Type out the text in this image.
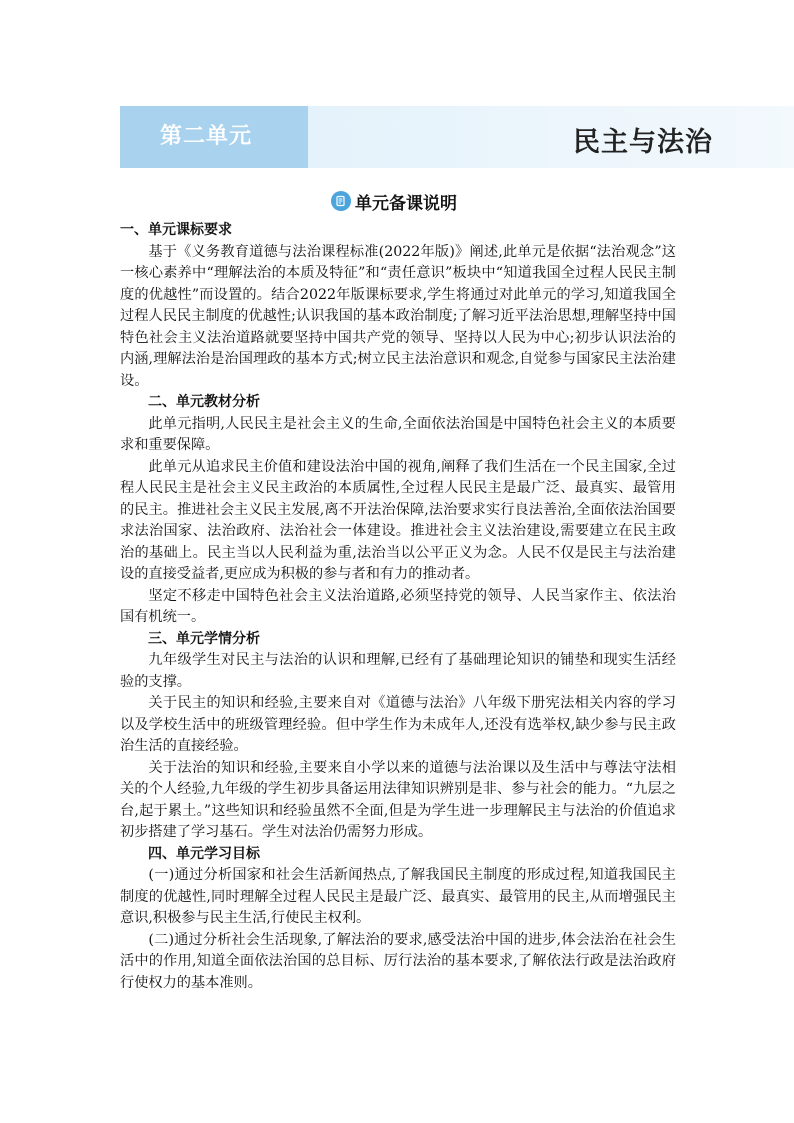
第二单元	民主与法治
单元备课说明

一、单元课标要求

基于《义务教育道德与法治课程标准(2022年版)》阐述,此单元是依据“法治观念”这一核心素养中“理解法治的本质及特征”和“责任意识”板块中“知道我国全过程人民民主制度的优越性”而设置的。结合2022年版课标要求,学生将通过对此单元的学习,知道我国全过程人民民主制度的优越性;认识我国的基本政治制度;了解习近平法治思想,理解坚持中国特色社会主义法治道路就要坚持中国共产党的领导、坚持以人民为中心;初步认识法治的内涵,理解法治是治国理政的基本方式;树立民主法治意识和观念,自觉参与国家民主法治建设。

二、单元教材分析

此单元指明,人民民主是社会主义的生命,全面依法治国是中国特色社会主义的本质要求和重要保障。

此单元从追求民主价值和建设法治中国的视角,阐释了我们生活在一个民主国家,全过程人民民主是社会主义民主政治的本质属性,全过程人民民主是最广泛、最真实、最管用的民主。推进社会主义民主发展,离不开法治保障,法治要求实行良法善治,全面依法治国要求法治国家、法治政府、法治社会一体建设。推进社会主义法治建设,需要建立在民主政治的基础上。民主当以人民利益为重,法治当以公平正义为念。人民不仅是民主与法治建设的直接受益者,更应成为积极的参与者和有力的推动者。

坚定不移走中国特色社会主义法治道路,必须坚持党的领导、人民当家作主、依法治国有机统一。

三、单元学情分析

九年级学生对民主与法治的认识和理解,已经有了基础理论知识的铺垫和现实生活经验的支撑。

关于民主的知识和经验,主要来自对《道德与法治》八年级下册宪法相关内容的学习以及学校生活中的班级管理经验。但中学生作为未成年人,还没有选举权,缺少参与民主政治生活的直接经验。

关于法治的知识和经验,主要来自小学以来的道德与法治课以及生活中与尊法守法相关的个人经验,九年级的学生初步具备运用法律知识辨别是非、参与社会的能力。“九层之台,起于累土。”这些知识和经验虽然不全面,但是为学生进一步理解民主与法治的价值追求初步搭建了学习基石。学生对法治仍需努力形成。

四、单元学习目标

(一)通过分析国家和社会生活新闻热点,了解我国民主制度的形成过程,知道我国民主制度的优越性,同时理解全过程人民民主是最广泛、最真实、最管用的民主,从而增强民主意识,积极参与民主生活,行使民主权利。

(二)通过分析社会生活现象,了解法治的要求,感受法治中国的进步,体会法治在社会生活中的作用,知道全面依法治国的总目标、厉行法治的基本要求,了解依法行政是法治政府行使权力的基本准则。
